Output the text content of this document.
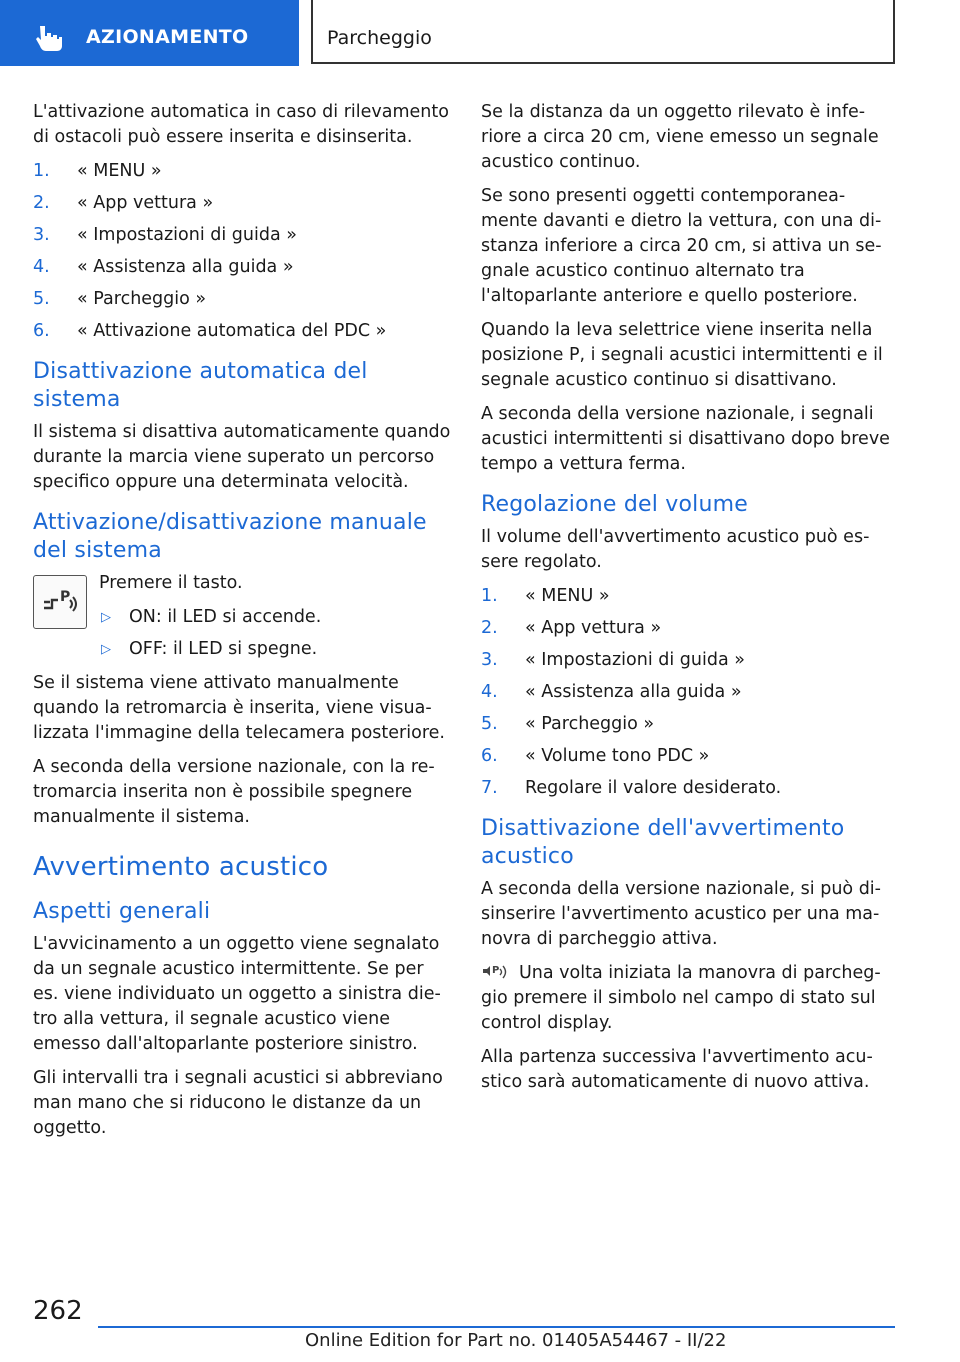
AZIONAMENTO	Parcheggio

L'attivazione automatica in caso di rilevamento di ostacoli può essere inserita e disinserita.

1. « MENU »
2. « App vettura »
3. « Impostazioni di guida »
4. « Assistenza alla guida »
5. « Parcheggio »
6. « Attivazione automatica del PDC »
Disattivazione automatica del sistema

Il sistema si disattiva automaticamente quando durante la marcia viene superato un percorso specifico oppure una determinata velocità.

Attivazione/disattivazione manuale del sistema
P

Premere il tasto.

▷ ON: il LED si accende.
▷ OFF: il LED si spegne.

Se il sistema viene attivato manualmente quando la retromarcia è inserita, viene visualizzata l'immagine della telecamera posteriore.

A seconda della versione nazionale, con la retromarcia inserita non è possibile spegnere manualmente il sistema.

Avvertimento acustico
Aspetti generali

L'avvicinamento a un oggetto viene segnalato da un segnale acustico intermittente. Se per es. viene individuato un oggetto a sinistra dietro alla vettura, il segnale acustico viene emesso dall'altoparlante posteriore sinistro.

Gli intervalli tra i segnali acustici si abbreviano man mano che si riducono le distanze da un oggetto.

Se la distanza da un oggetto rilevato è inferiore a circa 20 cm, viene emesso un segnale acustico continuo.

Se sono presenti oggetti contemporaneamente davanti e dietro la vettura, con una distanza inferiore a circa 20 cm, si attiva un segnale acustico continuo alternato tra l'altoparlante anteriore e quello posteriore.

Quando la leva selettrice viene inserita nella posizione P, i segnali acustici intermittenti e il segnale acustico continuo si disattivano.

A seconda della versione nazionale, i segnali acustici intermittenti si disattivano dopo breve tempo a vettura ferma.

Regolazione del volume

Il volume dell'avvertimento acustico può essere regolato.

1. « MENU »
2. « App vettura »
3. « Impostazioni di guida »
4. « Assistenza alla guida »
5. « Parcheggio »
6. « Volume tono PDC »
7. Regolare il valore desiderato.
Disattivazione dell'avvertimento acustico

A seconda della versione nazionale, si può disinserire l'avvertimento acustico per una manovra di parcheggio attiva.

P Una volta iniziata la manovra di parcheggio premere il simbolo nel campo di stato sul control display.

Alla partenza successiva l'avvertimento acustico sarà automaticamente di nuovo attiva.

262
Online Edition for Part no. 01405A54467 - II/22
